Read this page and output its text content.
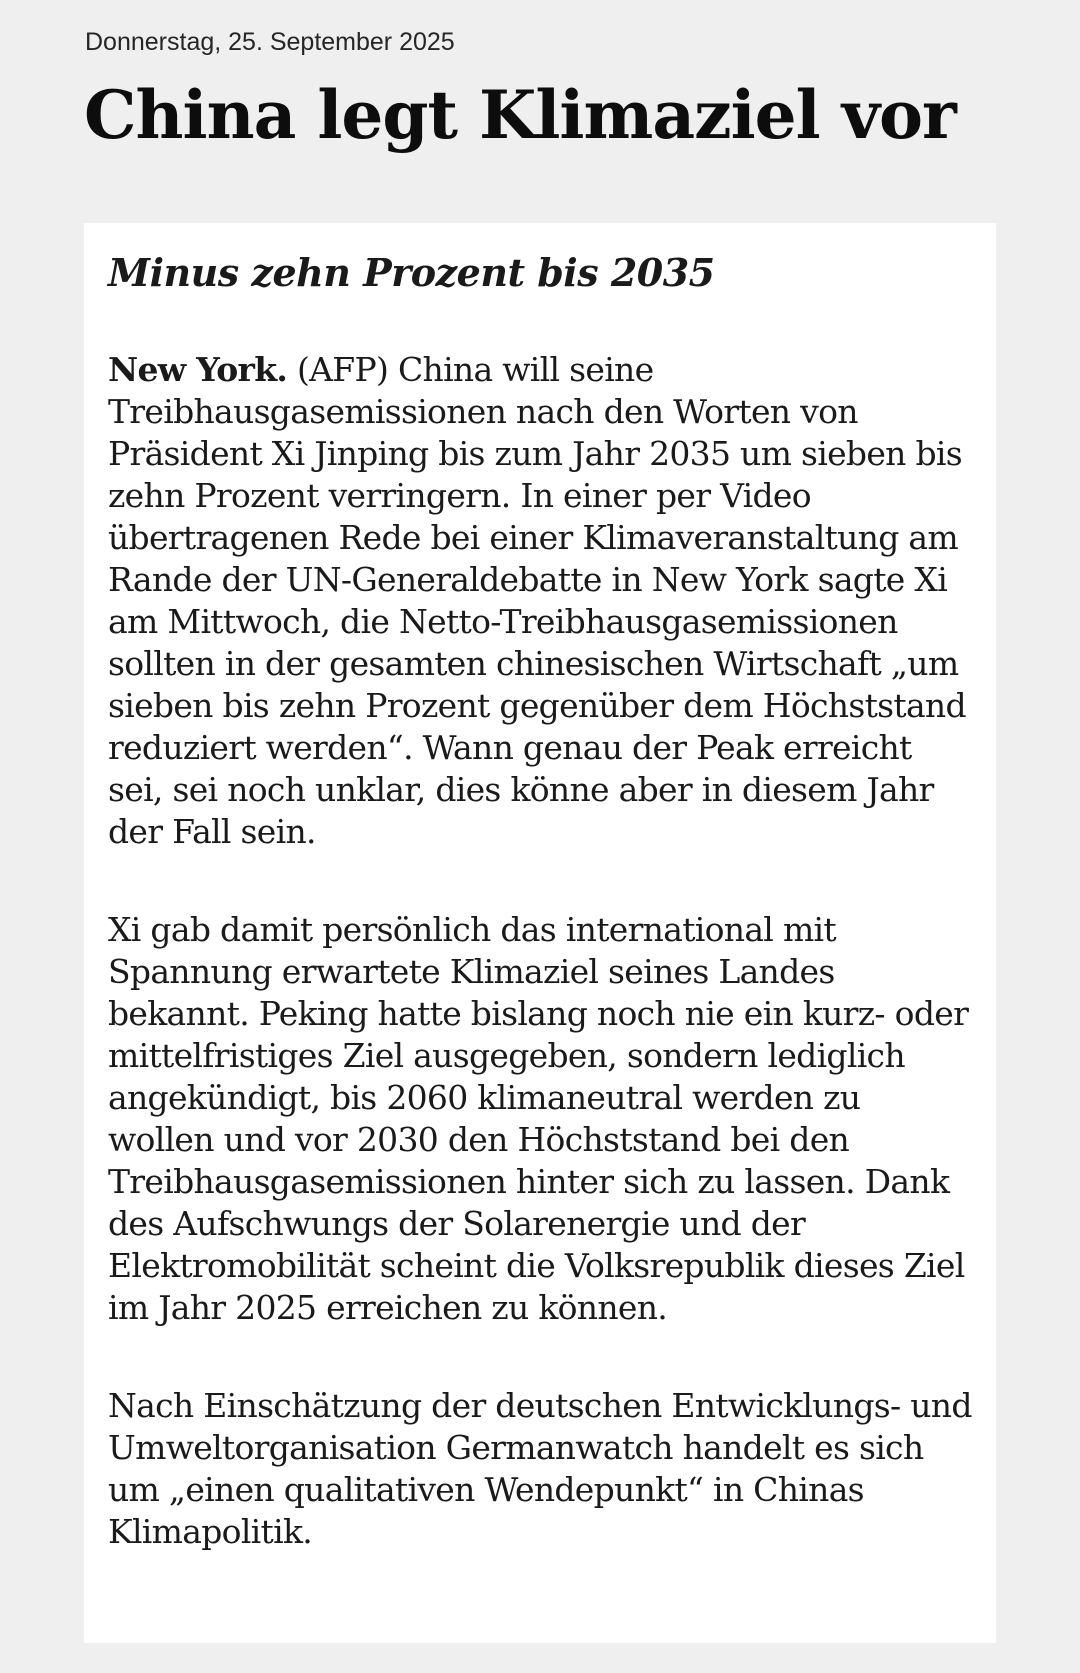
Donnerstag, 25. September 2025

China legt Klimaziel vor
Minus zehn Prozent bis 2035

New York. (AFP) China will seine Treibhausgasemissionen nach den Worten von Präsident Xi Jinping bis zum Jahr 2035 um sieben bis zehn Prozent verringern. In einer per Video übertragenen Rede bei einer Klimaveranstaltung am Rande der UN-Generaldebatte in New York sagte Xi am Mittwoch, die Netto-Treibhausgasemissionen sollten in der gesamten chinesischen Wirtschaft „um sieben bis zehn Prozent gegenüber dem Höchststand reduziert werden“. Wann genau der Peak erreicht sei, sei noch unklar, dies könne aber in diesem Jahr der Fall sein.

Xi gab damit persönlich das international mit Spannung erwartete Klimaziel seines Landes bekannt. Peking hatte bislang noch nie ein kurz- oder mittelfristiges Ziel ausgegeben, sondern lediglich angekündigt, bis 2060 klimaneutral werden zu wollen und vor 2030 den Höchststand bei den Treibhausgasemissionen hinter sich zu lassen. Dank des Aufschwungs der Solarenergie und der Elektromobilität scheint die Volksrepublik dieses Ziel im Jahr 2025 erreichen zu können.

Nach Einschätzung der deutschen Entwicklungs- und Umweltorganisation Germanwatch handelt es sich um „einen qualitativen Wendepunkt“ in Chinas Klimapolitik.
